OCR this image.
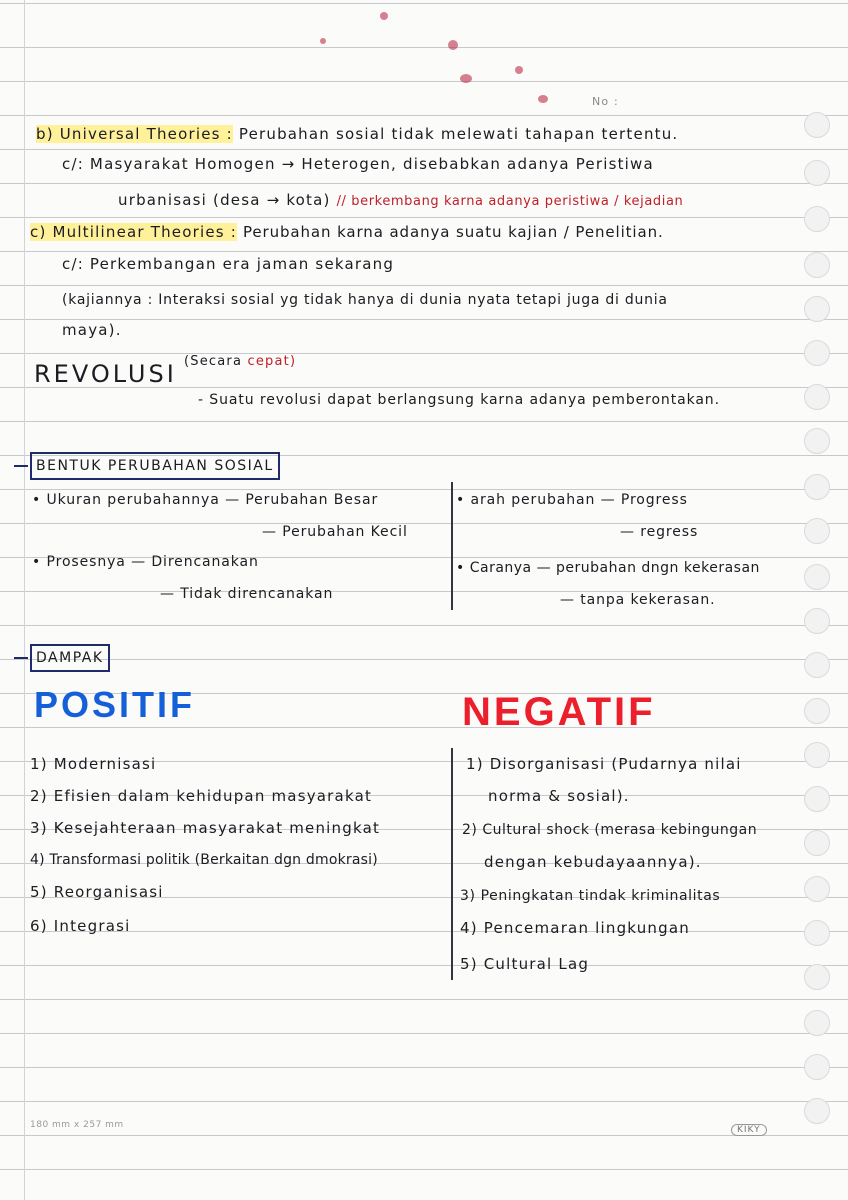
No :
b) Universal Theories : Perubahan sosial tidak melewati tahapan tertentu.
c/: Masyarakat Homogen → Heterogen, disebabkan adanya Peristiwa
urbanisasi (desa → kota) // berkembang karna adanya peristiwa / kejadian
c) Multilinear Theories : Perubahan karna adanya suatu kajian / Penelitian.
c/: Perkembangan era jaman sekarang
(kajiannya : Interaksi sosial yg tidak hanya di dunia nyata tetapi juga di dunia
maya).
REVOLUSI (Secara cepat)
- Suatu revolusi dapat berlangsung karna adanya pemberontakan.
BENTUK PERUBAHAN SOSIAL
• Ukuran perubahannya — Perubahan Besar
— Perubahan Kecil
• Prosesnya — Direncanakan
— Tidak direncanakan
• arah perubahan — Progress
— regress
• Caranya — perubahan dngn kekerasan
— tanpa kekerasan.
DAMPAK
POSITIF	NEGATIF
1) Modernisasi
2) Efisien dalam kehidupan masyarakat
3) Kesejahteraan masyarakat meningkat
4) Transformasi politik (Berkaitan dgn dmokrasi)
5) Reorganisasi
6) Integrasi
1) Disorganisasi (Pudarnya nilai
norma & sosial).
2) Cultural shock (merasa kebingungan
dengan kebudayaannya).
3) Peningkatan tindak kriminalitas
4) Pencemaran lingkungan
5) Cultural Lag
180 mm x 257 mm	KIKY
